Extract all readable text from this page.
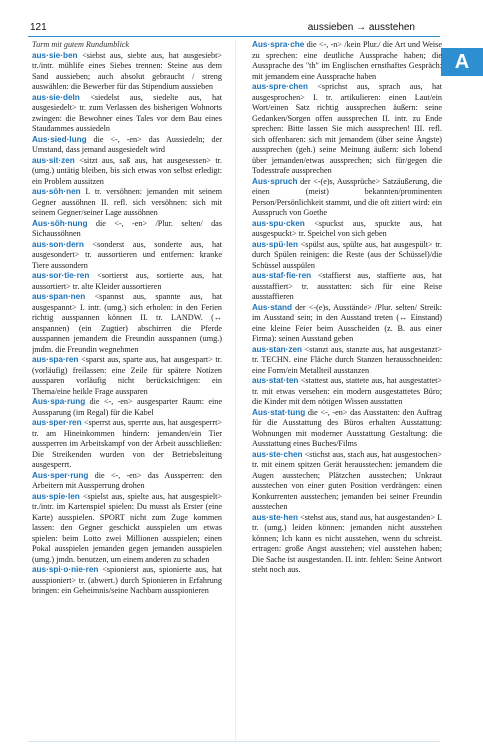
121	aussieben → ausstehen
A
Turm mit gutem Rundumblick
aus·sie·ben <siebst aus, siebte aus, hat ausgesiebt> tr./intr. mühlife eines Siebes trennen: Steine aus dem Sand aussieben; auch absolut gebraucht / streng auswählen: die Bewerber für das Stipendium aussieben
aus·sie·deln <siedelst aus, siedelte aus, hat ausgesiedelt> tr. zum Verlassen des bisherigen Wohnorts zwingen: die Bewohner eines Tales vor dem Bau eines Staudammes aussiedeln
Aus·sied·lung die <-, -en> das Aussiedeln; der Umstand, dass jemand ausgesiedelt wird
aus·sit·zen <sitzt aus, saß aus, hat ausgesessen> tr. (umg.) untätig bleiben, bis sich etwas von selbst erledigt: ein Problem aussitzen
aus·söh·nen I. tr. versöhnen: jemanden mit seinem Gegner aussöhnen II. refl. sich versöhnen: sich mit seinem Gegner/seiner Lage aussöhnen
Aus·söh·nung die <-, -en> /Plur. selten/ das Sichaussöhnen
aus·son·dern <sonderst aus, sonderte aus, hat ausgesondert> tr. aussortieren und entfernen: kranke Tiere aussondern
aus·sor·tie·ren <sortierst aus, sortierte aus, hat aussortiert> tr. alte Kleider aussortieren
aus·span·nen <spannst aus, spannte aus, hat ausgespannt> I. intr. (umg.) sich erholen: in den Ferien richtig ausspannen können II. tr. LANDW. (↔ anspannen) (ein Zugtier) abschirren die Pferde ausspannen jemandem die Freundin ausspannen (umg.) jmdm. die Freundin wegnehmen
aus·spa·ren <sparst aus, sparte aus, hat ausgespart> tr. (vorläufig) freilassen: eine Zeile für spätere Notizen aussparen vorläufig nicht berücksichtigen: ein Thema/eine heikle Frage aussparen
Aus·spa·rung die <-, -en> ausgesparter Raum: eine Aussparung (im Regal) für die Kabel
aus·sper·ren <sperrst aus, sperrte aus, hat ausgesperrt> tr. am Hineinkommen hindern: jemanden/ein Tier aussperren im Arbeitskampf von der Arbeit ausschließen: Die Streikenden wurden von der Betriebsleitung ausgesperrt.
Aus·sper·rung die <-, -en> das Aussperren: den Arbeitern mit Aussperrung drohen
aus·spie·len <spielst aus, spielte aus, hat ausgespielt> tr./intr. im Kartenspiel spielen: Du musst als Erster (eine Karte) ausspielen. SPORT nicht zum Zuge kommen lassen: den Gegner geschickt ausspielen um etwas spielen: beim Lotto zwei Millionen ausspielen; einen Pokal ausspielen jemanden gegen jemanden ausspielen (umg.) jmdn. benutzen, um einem anderen zu schaden
aus·spi·o·nie·ren <spionierst aus, spionierte aus, hat ausspioniert> tr. (abwert.) durch Spionieren in Erfahrung bringen: ein Geheimnis/seine Nachbarn ausspionieren
Aus·spra·che die <-, -n> /kein Plur./ die Art und Weise zu sprechen: eine deutliche Aussprache haben; die Aussprache des "th" im Englischen ernsthaftes Gespräch: mit jemandem eine Aussprache haben
aus·spre·chen <sprichst aus, sprach aus, hat ausgesprochen> I. tr. artikulieren: einen Laut/ein Wort/einen Satz richtig aussprechen äußern: seine Gedanken/Sorgen offen aussprechen II. intr. zu Ende sprechen: Bitte lassen Sie mich aussprechen! III. refl. sich offenbaren: sich mit jemandem (über seine Ängste) aussprechen (geh.) seine Meinung äußern: sich lobend über jemanden/etwas aussprechen; sich für/gegen die Todesstrafe aussprechen
Aus·spruch der <-(e)s, Aussprüche> Satzäußerung, die einen (meist) bekannten/prominenten Person/Persönlichkeit stammt, und die oft zitiert wird: ein Ausspruch von Goethe
aus·spu·cken <spuckst aus, spuckte aus, hat ausgespuckt> tr. Speichel von sich geben
aus·spü·len <spülst aus, spülte aus, hat ausgespült> tr. durch Spülen reinigen: die Reste (aus der Schüssel)/die Schüssel ausspülen
aus·staf·fie·ren <staffierst aus, staffierte aus, hat ausstaffiert> tr. ausstatten: sich für eine Reise ausstaffieren
Aus·stand der <-(e)s, Ausstände> /Plur. selten/ Streik: im Ausstand sein; in den Ausstand treten (↔ Einstand) eine kleine Feier beim Ausscheiden (z. B. aus einer Firma): seinen Ausstand geben
aus·stan·zen <stanzt aus, stanzte aus, hat ausgestanzt> tr. TECHN. eine Fläche durch Stanzen herausschneiden: eine Form/ein Metallteil ausstanzen
aus·stat·ten <stattest aus, stattete aus, hat ausgestattet> tr. mit etwas versehen: ein modern ausgestattetes Büro; die Kinder mit dem nötigen Wissen ausstatten
Aus·stat·tung die <-, -en> das Ausstatten: den Auftrag für die Ausstattung des Büros erhalten Ausstattung: Wohnungen mit moderner Ausstattung Gestaltung: die Ausstattung eines Buches/Films
aus·ste·chen <stichst aus, stach aus, hat ausgestochen> tr. mit einem spitzen Gerät herausstechen: jemandem die Augen ausstechen; Plätzchen ausstechen; Unkraut ausstechen von einer guten Position verdrängen: einen Konkurrenten ausstechen; jemanden bei seiner Freundin ausstechen
aus·ste·hen <stehst aus, stand aus, hat ausgestanden> I. tr. (umg.) leiden können: jemanden nicht ausstehen können; Ich kann es nicht ausstehen, wenn du schreist. ertragen: große Angst ausstehen; viel ausstehen haben; Die Sache ist ausgestanden. II. intr. fehlen: Seine Antwort steht noch aus.
